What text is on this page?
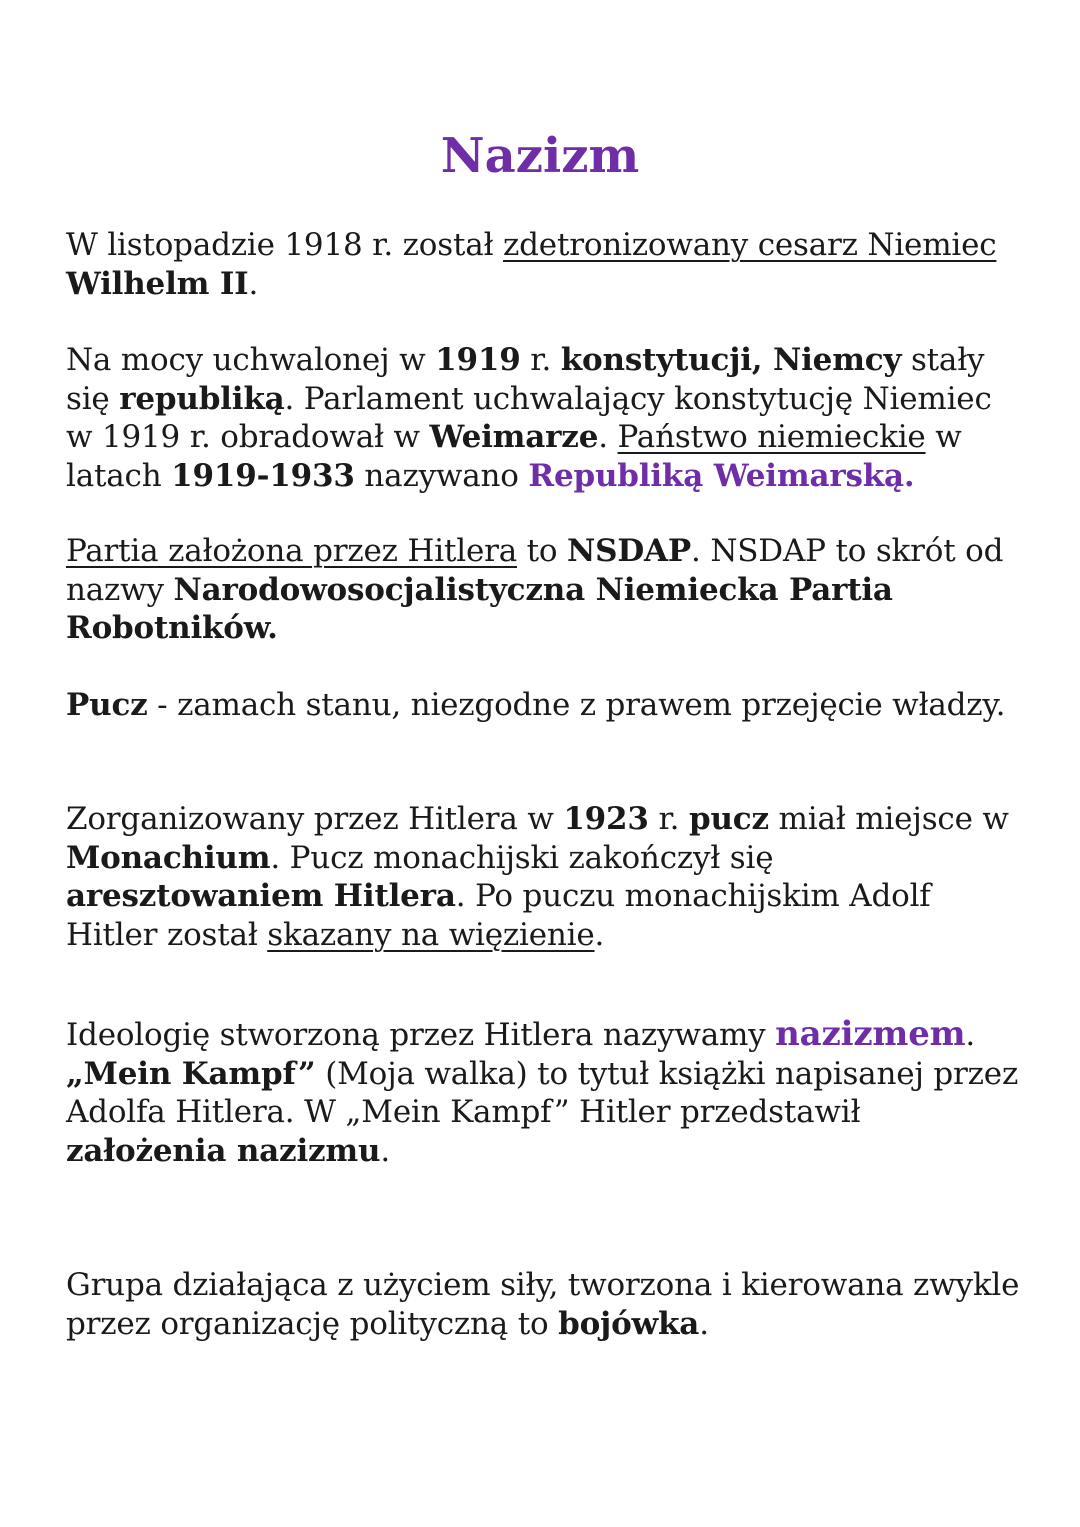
Nazizm

W listopadzie 1918 r. został zdetronizowany cesarz Niemiec
Wilhelm II.

Na mocy uchwalonej w 1919 r. konstytucji, Niemcy stały się republiką. Parlament uchwalający konstytucję Niemiec w 1919 r. obradował w Weimarze. Państwo niemieckie w latach 1919-1933 nazywano Republiką Weimarską.

Partia założona przez Hitlera to NSDAP. NSDAP to skrót od nazwy Narodowosocjalistyczna Niemiecka Partia Robotników.

Pucz - zamach stanu, niezgodne z prawem przejęcie władzy.

Zorganizowany przez Hitlera w 1923 r. pucz miał miejsce w Monachium. Pucz monachijski zakończył się aresztowaniem Hitlera. Po puczu monachijskim Adolf Hitler został skazany na więzienie.

Ideologię stworzoną przez Hitlera nazywamy nazizmem. „Mein Kampf” (Moja walka) to tytuł książki napisanej przez Adolfa Hitlera. W „Mein Kampf” Hitler przedstawił założenia nazizmu.

Grupa działająca z użyciem siły, tworzona i kierowana zwykle przez organizację polityczną to bojówka.
